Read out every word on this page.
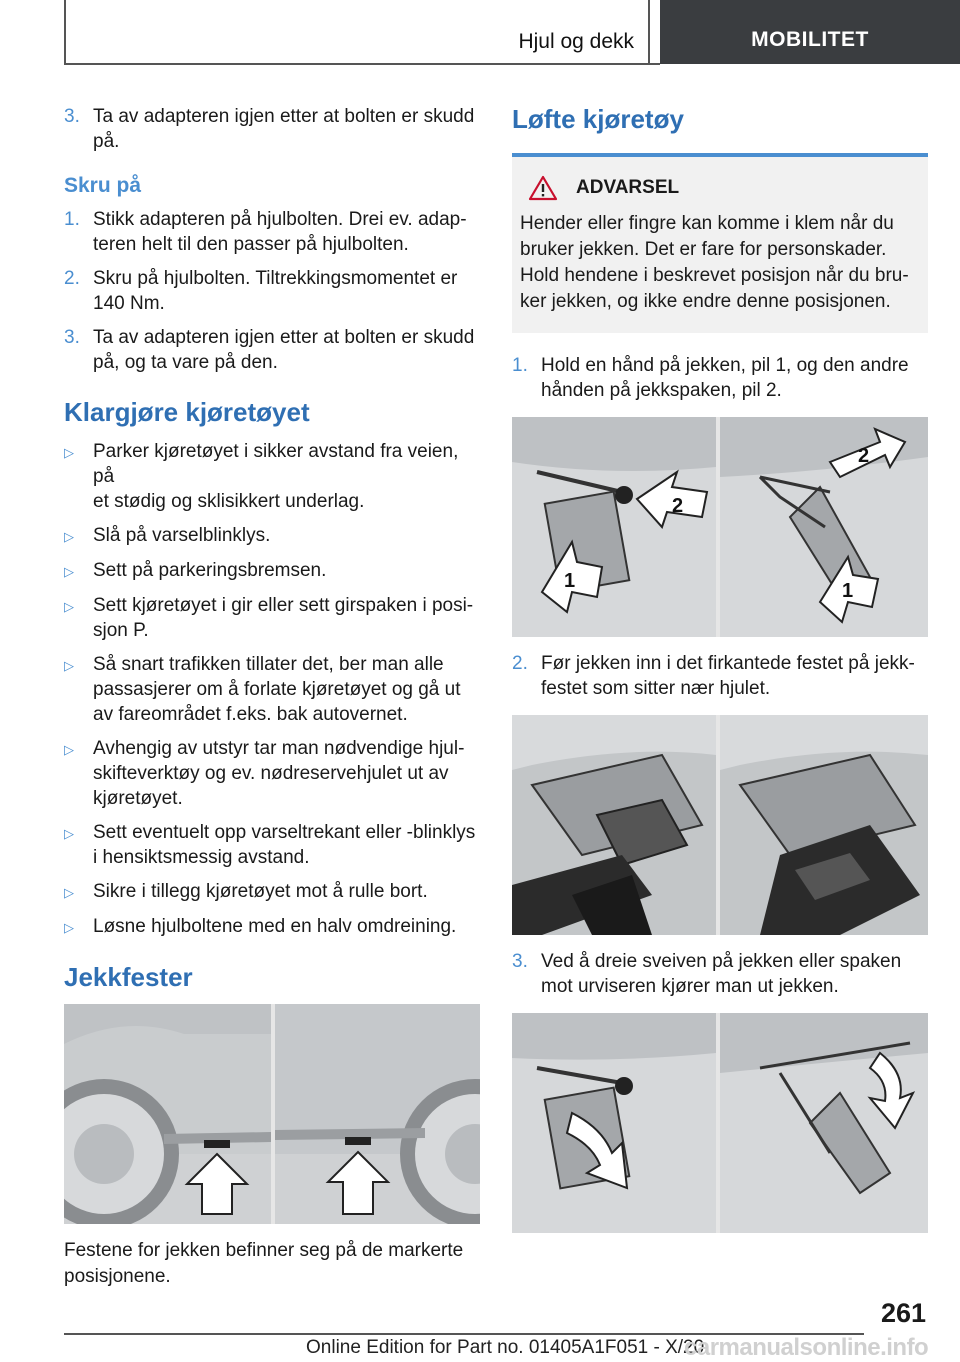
Hjul og dekk	MOBILITET
3. Ta av adapteren igjen etter at bolten er skudd
på.
Skru på
1. Stikk adapteren på hjulbolten. Drei ev. adap-
teren helt til den passer på hjulbolten.
2. Skru på hjulbolten. Tiltrekkingsmomentet er
140 Nm.
3. Ta av adapteren igjen etter at bolten er skudd
på, og ta vare på den.
Klargjøre kjøretøyet
▷	Parker kjøretøyet i sikker avstand fra veien, på
et stødig og sklisikkert underlag.
▷	Slå på varselblinklys.
▷	Sett på parkeringsbremsen.
▷	Sett kjøretøyet i gir eller sett girspaken i posi-
sjon P.
▷	Så snart trafikken tillater det, ber man alle
passasjerer om å forlate kjøretøyet og gå ut
av fareområdet f.eks. bak autovernet.
▷	Avhengig av utstyr tar man nødvendige hjul-
skifteverktøy og ev. nødreservehjulet ut av
kjøretøyet.
▷	Sett eventuelt opp varseltrekant eller -blinklys
i hensiktsmessig avstand.
▷	Sikre i tillegg kjøretøyet mot å rulle bort.
▷	Løsne hjulboltene med en halv omdreining.
Jekkfester
Festene for jekken befinner seg på de markerte
posisjonene.
Løfte kjøretøy
ADVARSEL
Hender eller fingre kan komme i klem når du
bruker jekken. Det er fare for personskader.
Hold hendene i beskrevet posisjon når du bru-
ker jekken, og ikke endre denne posisjonen.
1. Hold en hånd på jekken, pil 1, og den andre
hånden på jekkspaken, pil 2.
2
1
2
1
2. Før jekken inn i det firkantede festet på jekk-
festet som sitter nær hjulet.
3. Ved å dreie sveiven på jekken eller spaken
mot urviseren kjører man ut jekken.
261
Online Edition for Part no. 01405A1F051 - X/20
carmanualsonline.info
